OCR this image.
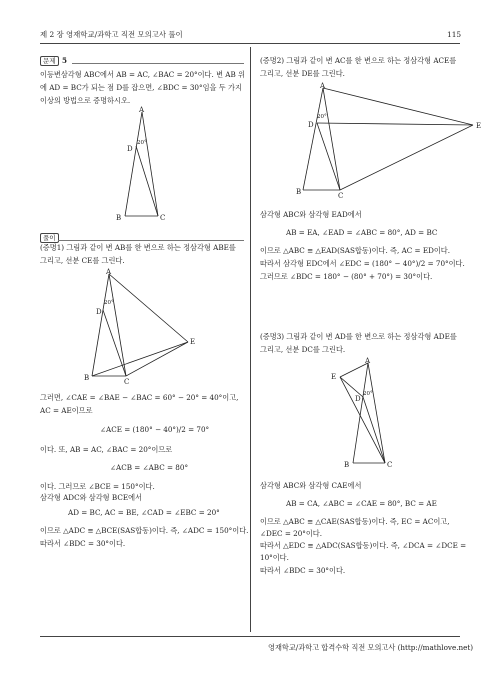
제 2 장 영재학교/과학고 직전 모의고사 풀이	115
문제 5
이등변삼각형 ABC에서 AB = AC, ∠BAC = 20°이다. 변 AB 위
에 AD = BC가 되는 점 D를 잡으면, ∠BDC = 30°임을 두 가지
이상의 방법으로 증명하시오.
A
D
B	C
20°
풀이
(증명1) 그림과 같이 변 AB를 한 변으로 하는 정삼각형 ABE를
그리고, 선분 CE를 그린다.
A
D
B	C
E
20°
그러면, ∠CAE = ∠BAE − ∠BAC = 60° − 20° = 40°이고,
AC = AE이므로
∠ACE = (180° − 40°)/2 = 70°
이다. 또, AB = AC, ∠BAC = 20°이므로
∠ACB = ∠ABC = 80°
이다. 그러므로 ∠BCE = 150°이다.
삼각형 ADC와 삼각형 BCE에서
AD = BC, AC = BE, ∠CAD = ∠EBC = 20°
이므로 △ADC ≡ △BCE(SAS합동)이다. 즉, ∠ADC = 150°이다.
따라서 ∠BDC = 30°이다.
(증명2) 그림과 같이 변 AC를 한 변으로 하는 정삼각형 ACE를
그리고, 선분 DE를 그린다.
A
D
B	C
E
20°
삼각형 ABC와 삼각형 EAD에서
AB = EA, ∠EAD = ∠ABC = 80°, AD = BC
이므로 △ABC ≡ △EAD(SAS합동)이다. 즉, AC = ED이다.
따라서 삼각형 EDC에서 ∠EDC = (180° − 40°)/2 = 70°이다.
그러므로 ∠BDC = 180° − (80° + 70°) = 30°이다.
(증명3) 그림과 같이 변 AD를 한 변으로 하는 정삼각형 ADE를
그리고, 선분 DC를 그린다.
A
E
D
B	C
20°
삼각형 ABC와 삼각형 CAE에서
AB = CA, ∠ABC = ∠CAE = 80°, BC = AE
이므로 △ABC ≡ △CAE(SAS합동)이다. 즉, EC = AC이고,
∠DEC = 20°이다.
따라서 △EDC ≡ △ADC(SAS합동)이다. 즉, ∠DCA = ∠DCE =
10°이다.
따라서 ∠BDC = 30°이다.
영재학교/과학고 합격수학 직전 모의고사 (http://mathlove.net)
